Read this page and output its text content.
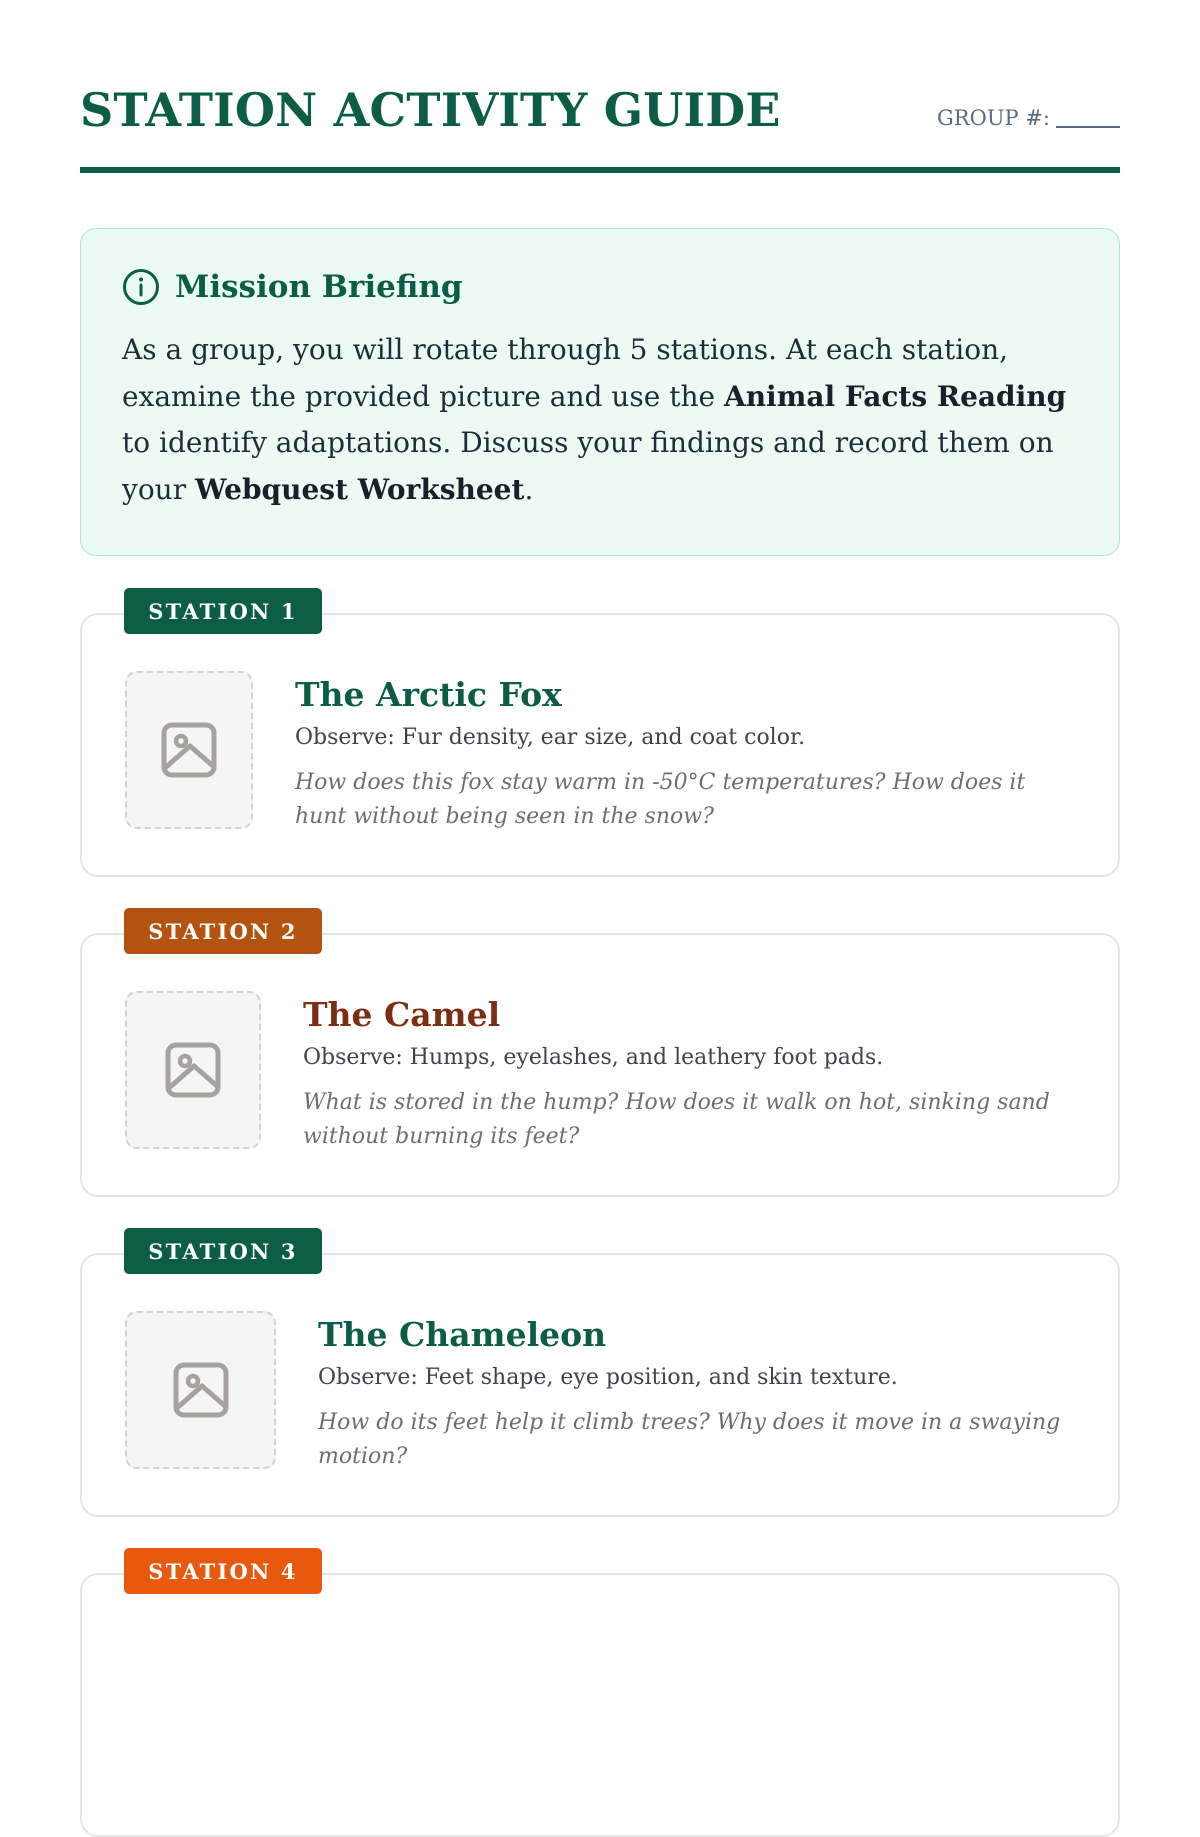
STATION ACTIVITY GUIDE	GROUP #:
Mission Briefing
As a group, you will rotate through 5 stations. At each station, examine the provided picture and use the Animal Facts Reading to identify adaptations. Discuss your findings and record them on your Webquest Worksheet.
STATION 1
The Arctic Fox
Observe: Fur density, ear size, and coat color.
How does this fox stay warm in -50°C temperatures? How does it hunt without being seen in the snow?
STATION 2
The Camel
Observe: Humps, eyelashes, and leathery foot pads.
What is stored in the hump? How does it walk on hot, sinking sand without burning its feet?
STATION 3
The Chameleon
Observe: Feet shape, eye position, and skin texture.
How do its feet help it climb trees? Why does it move in a swaying motion?
STATION 4
